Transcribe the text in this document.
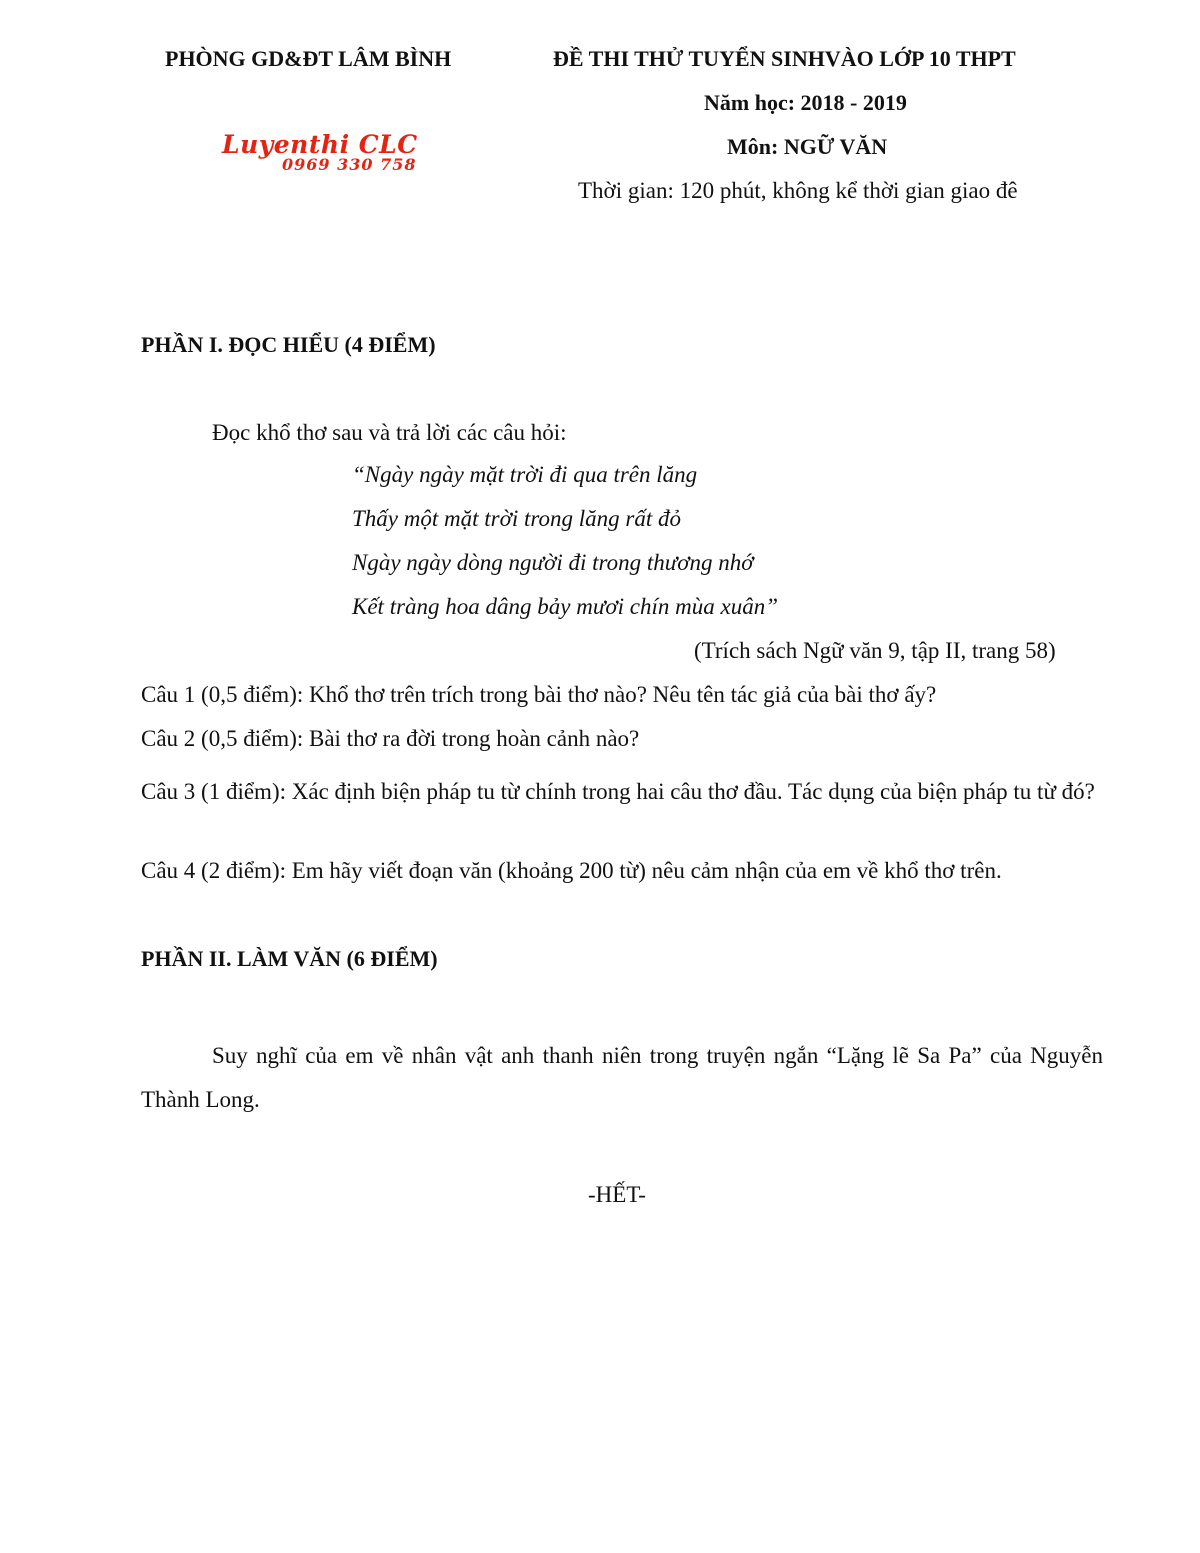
PHÒNG GD&ĐT LÂM BÌNH	ĐỀ THI THỬ TUYỂN SINHVÀO LỚP 10 THPT
Năm học: 2018 - 2019
Môn: NGỮ VĂN
Thời gian: 120 phút, không kể thời gian giao đê
Luyenthi CLC
0969 330 758
PHẦN I. ĐỌC HIỂU (4 ĐIỂM)
Đọc khổ thơ sau và trả lời các câu hỏi:
“Ngày ngày mặt trời đi qua trên lăng
Thấy một mặt trời trong lăng rất đỏ
Ngày ngày dòng người đi trong thương nhớ
Kết tràng hoa dâng bảy mươi chín mùa xuân”
(Trích sách Ngữ văn 9, tập II, trang 58)
Câu 1 (0,5 điểm): Khổ thơ trên trích trong bài thơ nào? Nêu tên tác giả của bài thơ ấy?
Câu 2 (0,5 điểm): Bài thơ ra đời trong hoàn cảnh nào?
Câu 3 (1 điểm): Xác định biện pháp tu từ chính trong hai câu thơ đầu. Tác dụng của biện pháp tu từ đó?
Câu 4 (2 điểm): Em hãy viết đoạn văn (khoảng 200 từ) nêu cảm nhận của em về khổ thơ trên.
PHẦN II. LÀM VĂN (6 ĐIỂM)
Suy nghĩ của em về nhân vật anh thanh niên trong truyện ngắn “Lặng lẽ Sa Pa” của Nguyễn Thành Long.
-HẾT-
